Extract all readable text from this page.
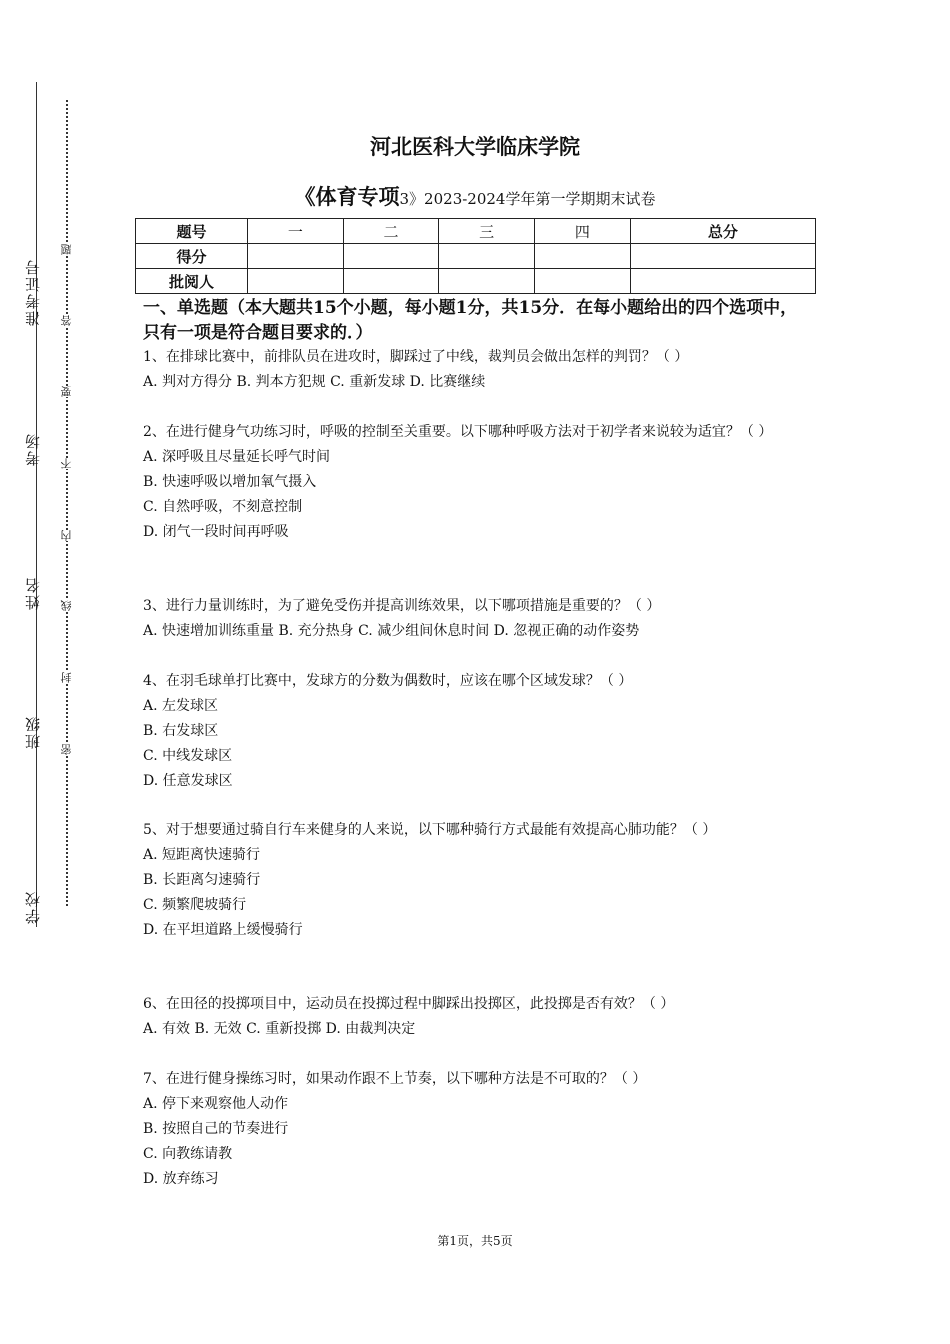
准考证号
考场
姓名
班级
学校
题
答
要
不
内
线
封
密
河北医科大学临床学院
《体育专项3》2023-2024学年第一学期期末试卷
题号	一	二	三	四	总分
得分					
批阅人					
一、单选题（本大题共15个小题，每小题1分，共15分．在每小题给出的四个选项中，只有一项是符合题目要求的．）
1、在排球比赛中，前排队员在进攻时，脚踩过了中线，裁判员会做出怎样的判罚？（ ）
A. 判对方得分 B. 判本方犯规 C. 重新发球 D. 比赛继续
2、在进行健身气功练习时，呼吸的控制至关重要。以下哪种呼吸方法对于初学者来说较为适宜？（ ）
A. 深呼吸且尽量延长呼气时间
B. 快速呼吸以增加氧气摄入
C. 自然呼吸，不刻意控制
D. 闭气一段时间再呼吸
3、进行力量训练时，为了避免受伤并提高训练效果，以下哪项措施是重要的？（ ）
A. 快速增加训练重量 B. 充分热身 C. 减少组间休息时间 D. 忽视正确的动作姿势
4、在羽毛球单打比赛中，发球方的分数为偶数时，应该在哪个区域发球？（ ）
A. 左发球区
B. 右发球区
C. 中线发球区
D. 任意发球区
5、对于想要通过骑自行车来健身的人来说，以下哪种骑行方式最能有效提高心肺功能？（ ）
A. 短距离快速骑行
B. 长距离匀速骑行
C. 频繁爬坡骑行
D. 在平坦道路上缓慢骑行
6、在田径的投掷项目中，运动员在投掷过程中脚踩出投掷区，此投掷是否有效？（ ）
A. 有效 B. 无效 C. 重新投掷 D. 由裁判决定
7、在进行健身操练习时，如果动作跟不上节奏，以下哪种方法是不可取的？（ ）
A. 停下来观察他人动作
B. 按照自己的节奏进行
C. 向教练请教
D. 放弃练习
第1页，共5页
